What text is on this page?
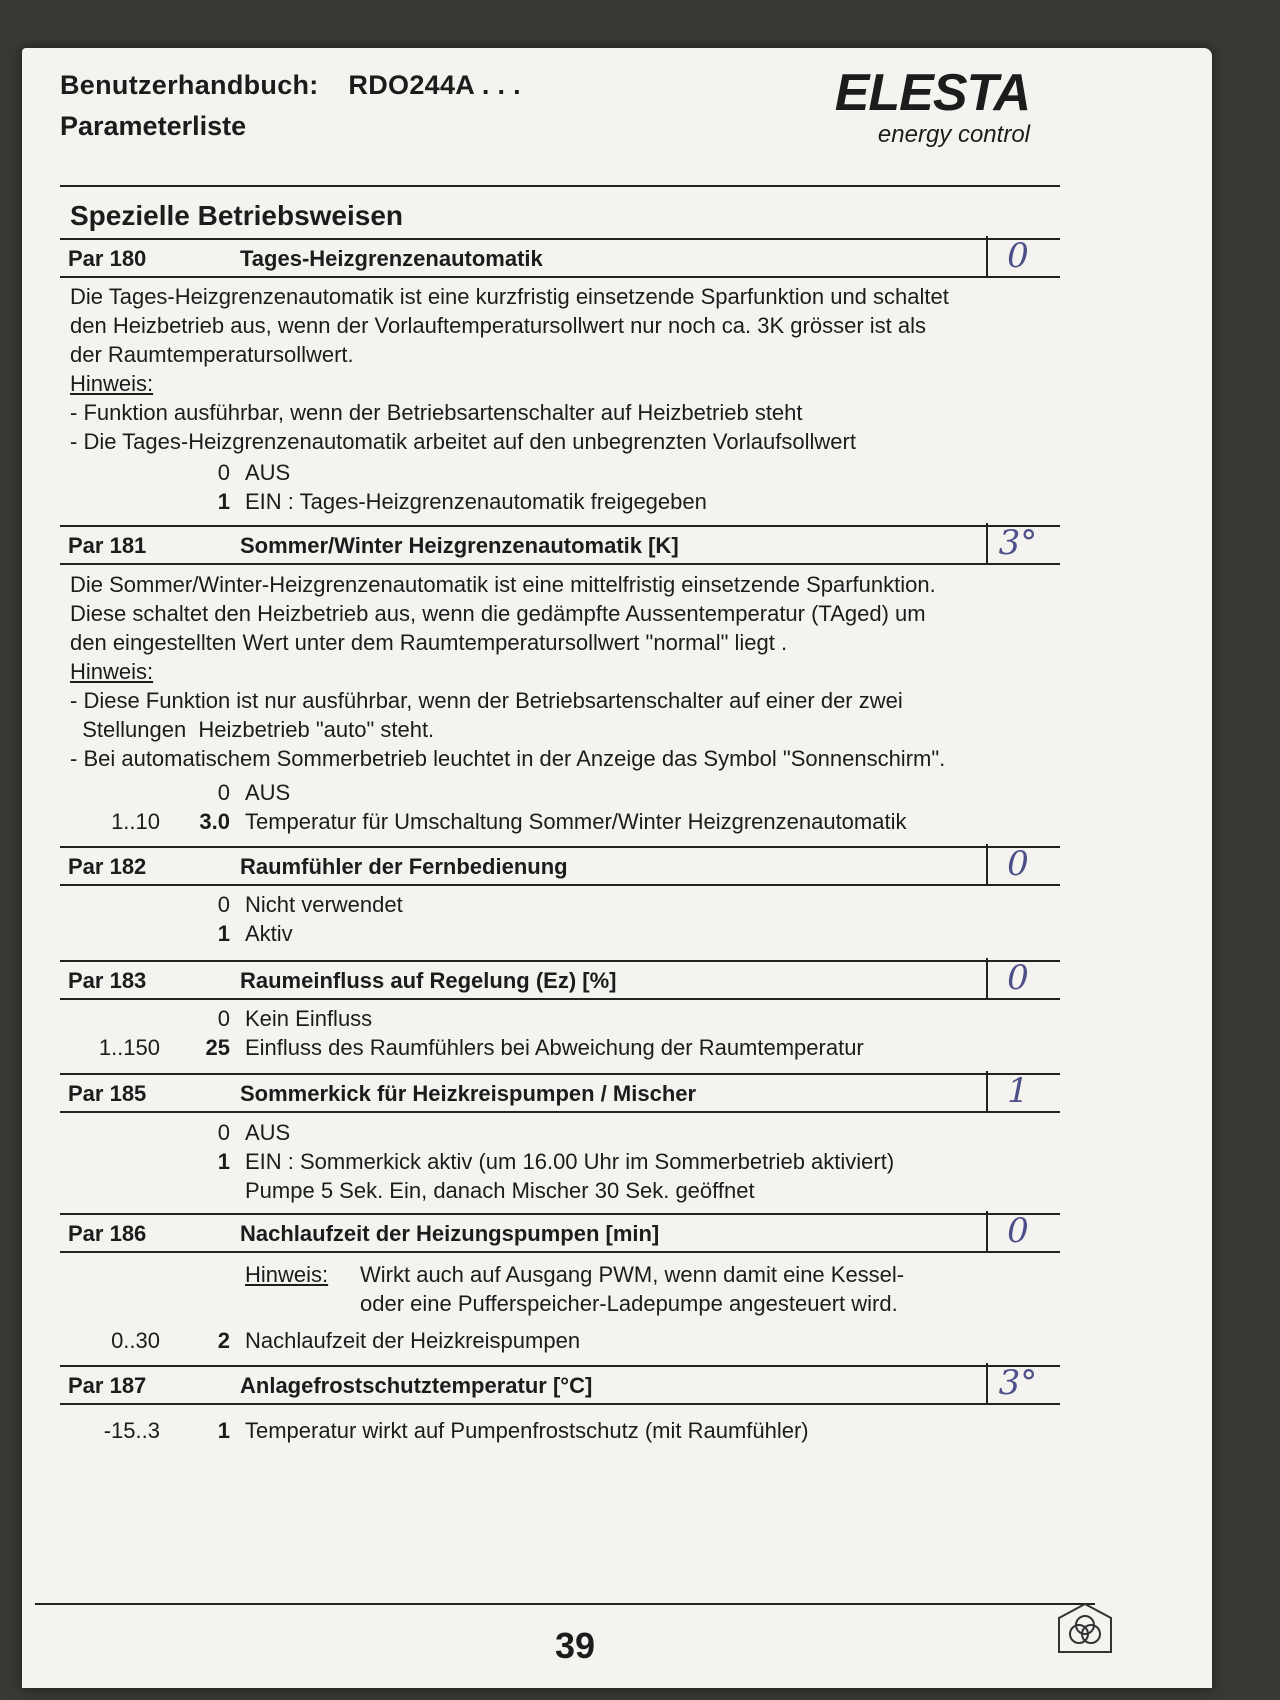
Benutzerhandbuch: RDO244A . . .
Parameterliste
ELESTA
energy control
Spezielle Betriebsweisen
Par 180	Tages-Heizgrenzenautomatik	0
Die Tages-Heizgrenzenautomatik ist eine kurzfristig einsetzende Sparfunktion und schaltet
den Heizbetrieb aus, wenn der Vorlauftemperatursollwert nur noch ca. 3K grösser ist als
der Raumtemperatursollwert.
Hinweis:
- Funktion ausführbar, wenn der Betriebsartenschalter auf Heizbetrieb steht
- Die Tages-Heizgrenzenautomatik arbeitet auf den unbegrenzten Vorlaufsollwert
0 AUS
1 EIN : Tages-Heizgrenzenautomatik freigegeben
Par 181	Sommer/Winter Heizgrenzenautomatik [K]	3°
Die Sommer/Winter-Heizgrenzenautomatik ist eine mittelfristig einsetzende Sparfunktion.
Diese schaltet den Heizbetrieb aus, wenn die gedämpfte Aussentemperatur (TAged) um
den eingestellten Wert unter dem Raumtemperatursollwert "normal" liegt .
Hinweis:
- Diese Funktion ist nur ausführbar, wenn der Betriebsartenschalter auf einer der zwei
Stellungen  Heizbetrieb "auto" steht.
- Bei automatischem Sommerbetrieb leuchtet in der Anzeige das Symbol "Sonnenschirm".
0 AUS
1..10	3.0 Temperatur für Umschaltung Sommer/Winter Heizgrenzenautomatik
Par 182	Raumfühler der Fernbedienung	0
0 Nicht verwendet
1 Aktiv
Par 183	Raumeinfluss auf Regelung (Ez) [%]	0
0 Kein Einfluss
1..150	25 Einfluss des Raumfühlers bei Abweichung der Raumtemperatur
Par 185	Sommerkick für Heizkreispumpen / Mischer	1
0 AUS
1 EIN : Sommerkick aktiv (um 16.00 Uhr im Sommerbetrieb aktiviert)
Pumpe 5 Sek. Ein, danach Mischer 30 Sek. geöffnet
Par 186	Nachlaufzeit der Heizungspumpen [min]	0
Hinweis: Wirkt auch auf Ausgang PWM, wenn damit eine Kessel-
oder eine Pufferspeicher-Ladepumpe angesteuert wird.
0..30	2 Nachlaufzeit der Heizkreispumpen
Par 187	Anlagefrostschutztemperatur [°C]	3°
-15..3	1 Temperatur wirkt auf Pumpenfrostschutz (mit Raumfühler)
39
